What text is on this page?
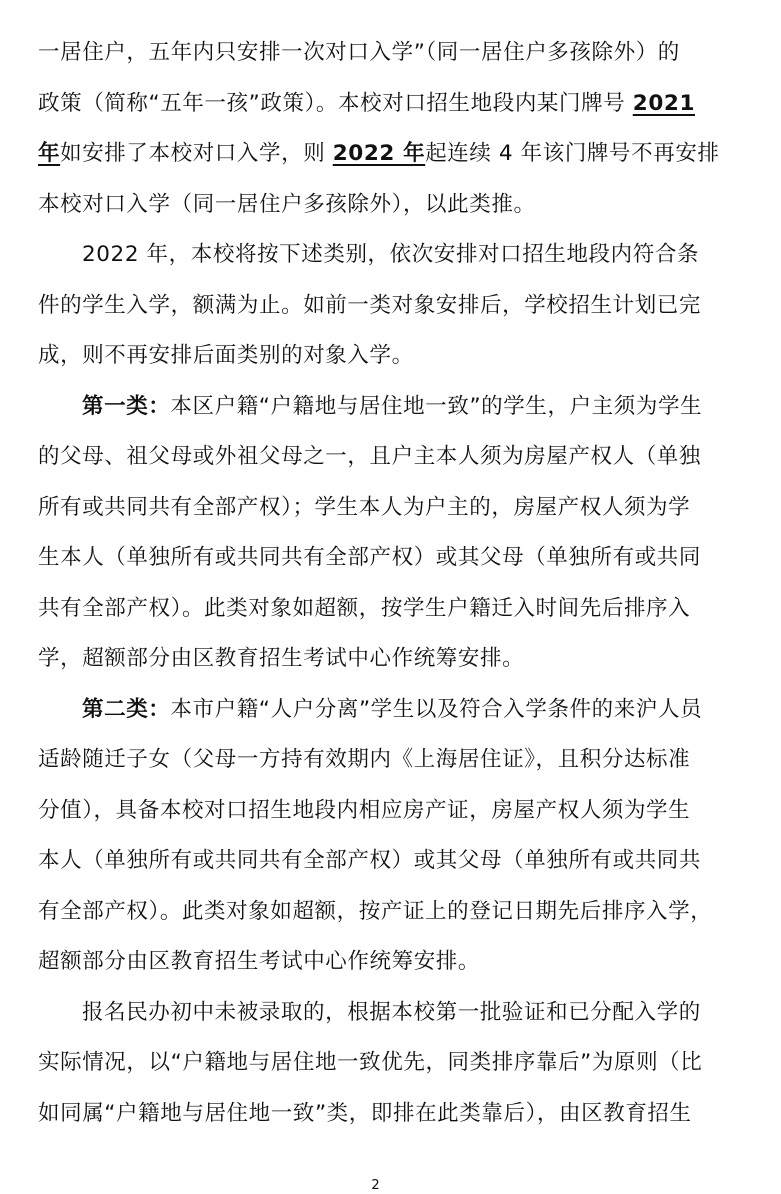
一居住户，五年内只安排一次对口入学”（同一居住户多孩除外）的
政策（简称“五年一孩”政策）。本校对口招生地段内某门牌号 2021
年如安排了本校对口入学，则 2022 年起连续 4 年该门牌号不再安排
本校对口入学（同一居住户多孩除外），以此类推。
2022 年，本校将按下述类别，依次安排对口招生地段内符合条
件的学生入学，额满为止。如前一类对象安排后，学校招生计划已完
成，则不再安排后面类别的对象入学。
第一类：本区户籍“户籍地与居住地一致”的学生，户主须为学生
的父母、祖父母或外祖父母之一，且户主本人须为房屋产权人（单独
所有或共同共有全部产权）；学生本人为户主的，房屋产权人须为学
生本人（单独所有或共同共有全部产权）或其父母（单独所有或共同
共有全部产权）。此类对象如超额，按学生户籍迁入时间先后排序入
学，超额部分由区教育招生考试中心作统筹安排。
第二类：本市户籍“人户分离”学生以及符合入学条件的来沪人员
适龄随迁子女（父母一方持有效期内《上海居住证》，且积分达标准
分值），具备本校对口招生地段内相应房产证，房屋产权人须为学生
本人（单独所有或共同共有全部产权）或其父母（单独所有或共同共
有全部产权）。此类对象如超额，按产证上的登记日期先后排序入学，
超额部分由区教育招生考试中心作统筹安排。
报名民办初中未被录取的，根据本校第一批验证和已分配入学的
实际情况，以“户籍地与居住地一致优先，同类排序靠后”为原则（比
如同属“户籍地与居住地一致”类，即排在此类靠后），由区教育招生
2
